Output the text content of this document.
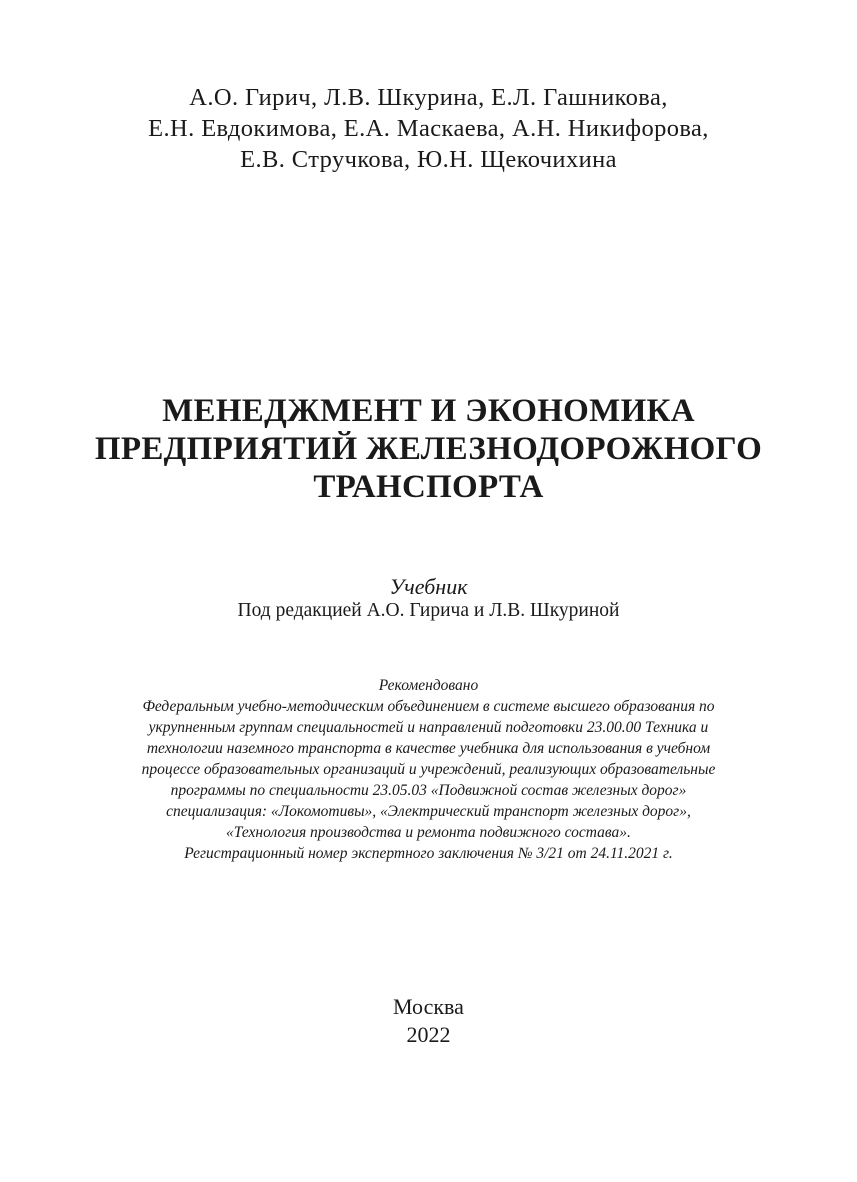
А.О. Гирич, Л.В. Шкурина, Е.Л. Гашникова,
Е.Н. Евдокимова, Е.А. Маскаева, А.Н. Никифорова,
Е.В. Стручкова, Ю.Н. Щекочихина
МЕНЕДЖМЕНТ И ЭКОНОМИКА
ПРЕДПРИЯТИЙ ЖЕЛЕЗНОДОРОЖНОГО
ТРАНСПОРТА
Учебник
Под редакцией А.О. Гирича и Л.В. Шкуриной
Рекомендовано
Федеральным учебно-методическим объединением в системе высшего образования по
укрупненным группам специальностей и направлений подготовки 23.00.00 Техника и
технологии наземного транспорта в качестве учебника для использования в учебном
процессе образовательных организаций и учреждений, реализующих образовательные
программы по специальности 23.05.03 «Подвижной состав железных дорог»
специализация: «Локомотивы», «Электрический транспорт железных дорог»,
«Технология производства и ремонта подвижного состава».
Регистрационный номер экспертного заключения № 3/21 от 24.11.2021 г.
Москва
2022
